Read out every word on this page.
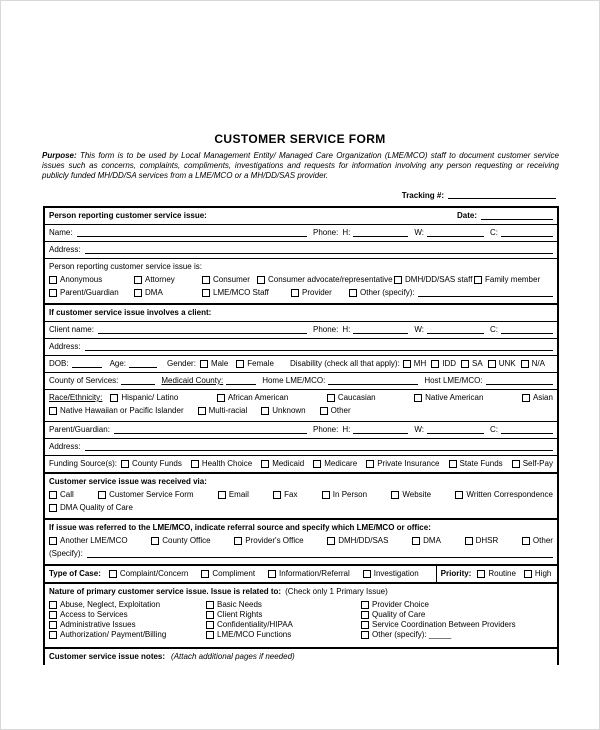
CUSTOMER SERVICE FORM
Purpose: This form is to be used by Local Management Entity/ Managed Care Organization (LME/MCO) staff to document customer service issues such as concerns, complaints, compliments, investigations and requests for information involving any person requesting or receiving publicly funded MH/DD/SA services from a LME/MCO or a MH/DD/SAS provider.
Tracking #:
Person reporting customer service issue:	Date:
Name:	Phone: H:	W:	C:
Address:
Person reporting customer service issue is:
Anonymous	Attorney	Consumer Consumer advocate/representative DMH/DD/SAS staff Family member
Parent/Guardian	DMA	LME/MCO Staff	Provider	Other (specify):
If customer service issue involves a client:
Client name:	Phone: H:	W:	C:
Address:
DOB:	Age:	Gender: Male Female Disability (check all that apply): MH IDD SA UNK N/A
County of Services:	Medicaid County:	Home LME/MCO:	Host LME/MCO:
Race/Ethnicity: Hispanic/ Latino	African American	Caucasian	Native American	Asian
Native Hawaiian or Pacific Islander	Multi-racial	Unknown	Other
Parent/Guardian:	Phone: H:	W:	C:
Address:
Funding Source(s): County Funds	Health Choice	Medicaid	Medicare	Private Insurance	State Funds	Self-Pay
Customer service issue was received via:
Call	Customer Service Form	Email	Fax	In Person	Website	Written Correspondence
DMA Quality of Care
If issue was referred to the LME/MCO, indicate referral source and specify which LME/MCO or office:
Another LME/MCO	County Office	Provider's Office	DMH/DD/SAS	DMA	DHSR	Other
(Specify):
Type of Case: Complaint/Concern	Compliment	Information/Referral	Investigation	Priority: Routine High
Nature of primary customer service issue. Issue is related to: (Check only 1 Primary Issue)
Abuse, Neglect, Exploitation
Access to Services
Administrative Issues
Authorization/ Payment/Billing
Basic Needs
Client Rights
Confidentiality/HIPAA
LME/MCO Functions
Provider Choice
Quality of Care
Service Coordination Between Providers
Other (specify): _____
Customer service issue notes: (Attach additional pages if needed)
